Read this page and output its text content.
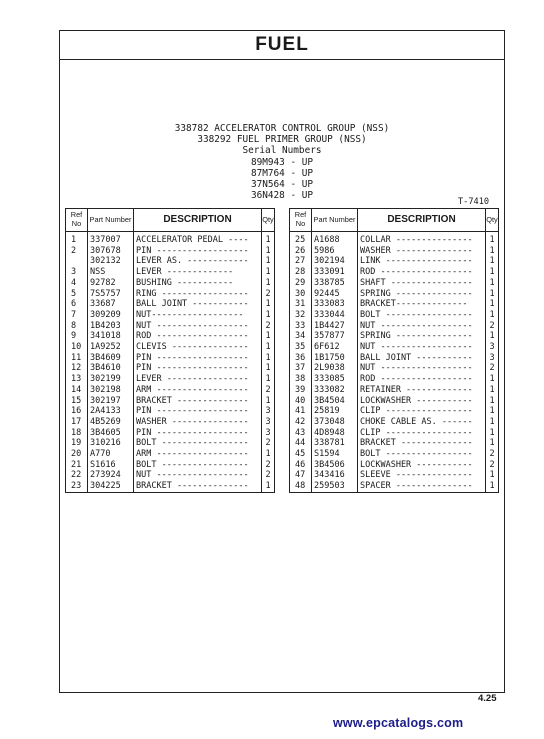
FUEL
338782 ACCELERATOR CONTROL GROUP (NSS)
338292 FUEL PRIMER GROUP (NSS)
Serial Numbers
89M943 - UP
87M764 - UP
37N564 - UP
36N428 - UP
T-7410
Ref No	Part Number	DESCRIPTION	Qty
1	337007	ACCELERATOR PEDAL ----	1
2	307678	PIN ------------------	1
	302132	LEVER AS. ------------	1
3	NSS	LEVER -------------	1
4	92782	BUSHING -----------	1
5	7S5757	RING -----------------	2
6	33687	BALL JOINT -----------	1
7	309209	NUT------------------	1
8	1B4203	NUT ------------------	2
9	341018	ROD ------------------	1
10	1A9252	CLEVIS ---------------	1
11	3B4609	PIN ------------------	1
12	3B4610	PIN ------------------	1
13	302199	LEVER ----------------	1
14	302198	ARM ------------------	2
15	302197	BRACKET --------------	1
16	2A4133	PIN ------------------	3
17	4B5269	WASHER ---------------	3
18	3B4605	PIN ------------------	3
19	310216	BOLT -----------------	2
20	A770	ARM ------------------	1
21	S1616	BOLT -----------------	2
22	273924	NUT ------------------	2
23	304225	BRACKET --------------	1
Ref No	Part Number	DESCRIPTION	Qty
25	A1688	COLLAR ---------------	1
26	5986	WASHER ---------------	1
27	302194	LINK -----------------	1
28	333091	ROD ------------------	1
29	338785	SHAFT ----------------	1
30	92445	SPRING ---------------	1
31	333083	BRACKET--------------	1
32	333044	BOLT -----------------	1
33	1B4427	NUT ------------------	2
34	357877	SPRING ---------------	1
35	6F612	NUT ------------------	3
36	1B1750	BALL JOINT -----------	3
37	2L9038	NUT ------------------	2
38	333085	ROD ------------------	1
39	333082	RETAINER -------------	1
40	3B4504	LOCKWASHER -----------	1
41	25819	CLIP -----------------	1
42	373048	CHOKE CABLE AS. ------	1
43	4D8948	CLIP -----------------	1
44	338781	BRACKET --------------	1
45	S1594	BOLT -----------------	2
46	3B4506	LOCKWASHER -----------	2
47	343416	SLEEVE ---------------	1
48	259503	SPACER ---------------	1
4.25
www.epcatalogs.com
